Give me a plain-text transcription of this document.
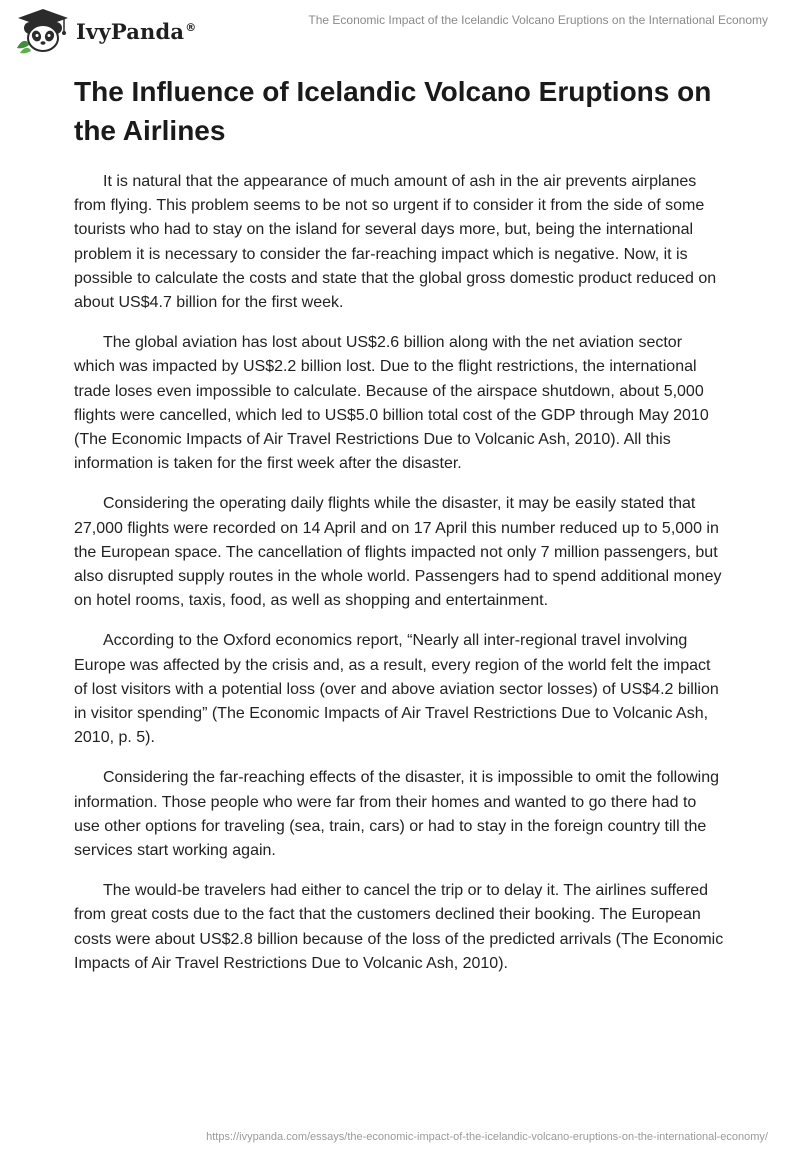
IvyPanda®	The Economic Impact of the Icelandic Volcano Eruptions on the International Economy
The Influence of Icelandic Volcano Eruptions on the Airlines

It is natural that the appearance of much amount of ash in the air prevents airplanes from flying. This problem seems to be not so urgent if to consider it from the side of some tourists who had to stay on the island for several days more, but, being the international problem it is necessary to consider the far-reaching impact which is negative. Now, it is possible to calculate the costs and state that the global gross domestic product reduced on about US$4.7 billion for the first week.

The global aviation has lost about US$2.6 billion along with the net aviation sector which was impacted by US$2.2 billion lost. Due to the flight restrictions, the international trade loses even impossible to calculate. Because of the airspace shutdown, about 5,000 flights were cancelled, which led to US$5.0 billion total cost of the GDP through May 2010 (The Economic Impacts of Air Travel Restrictions Due to Volcanic Ash, 2010). All this information is taken for the first week after the disaster.

Considering the operating daily flights while the disaster, it may be easily stated that 27,000 flights were recorded on 14 April and on 17 April this number reduced up to 5,000 in the European space. The cancellation of flights impacted not only 7 million passengers, but also disrupted supply routes in the whole world. Passengers had to spend additional money on hotel rooms, taxis, food, as well as shopping and entertainment.

According to the Oxford economics report, “Nearly all inter-regional travel involving Europe was affected by the crisis and, as a result, every region of the world felt the impact of lost visitors with a potential loss (over and above aviation sector losses) of US$4.2 billion in visitor spending” (The Economic Impacts of Air Travel Restrictions Due to Volcanic Ash, 2010, p. 5).

Considering the far-reaching effects of the disaster, it is impossible to omit the following information. Those people who were far from their homes and wanted to go there had to use other options for traveling (sea, train, cars) or had to stay in the foreign country till the services start working again.

The would-be travelers had either to cancel the trip or to delay it. The airlines suffered from great costs due to the fact that the customers declined their booking. The European costs were about US$2.8 billion because of the loss of the predicted arrivals (The Economic Impacts of Air Travel Restrictions Due to Volcanic Ash, 2010).

https://ivypanda.com/essays/the-economic-impact-of-the-icelandic-volcano-eruptions-on-the-international-economy/
